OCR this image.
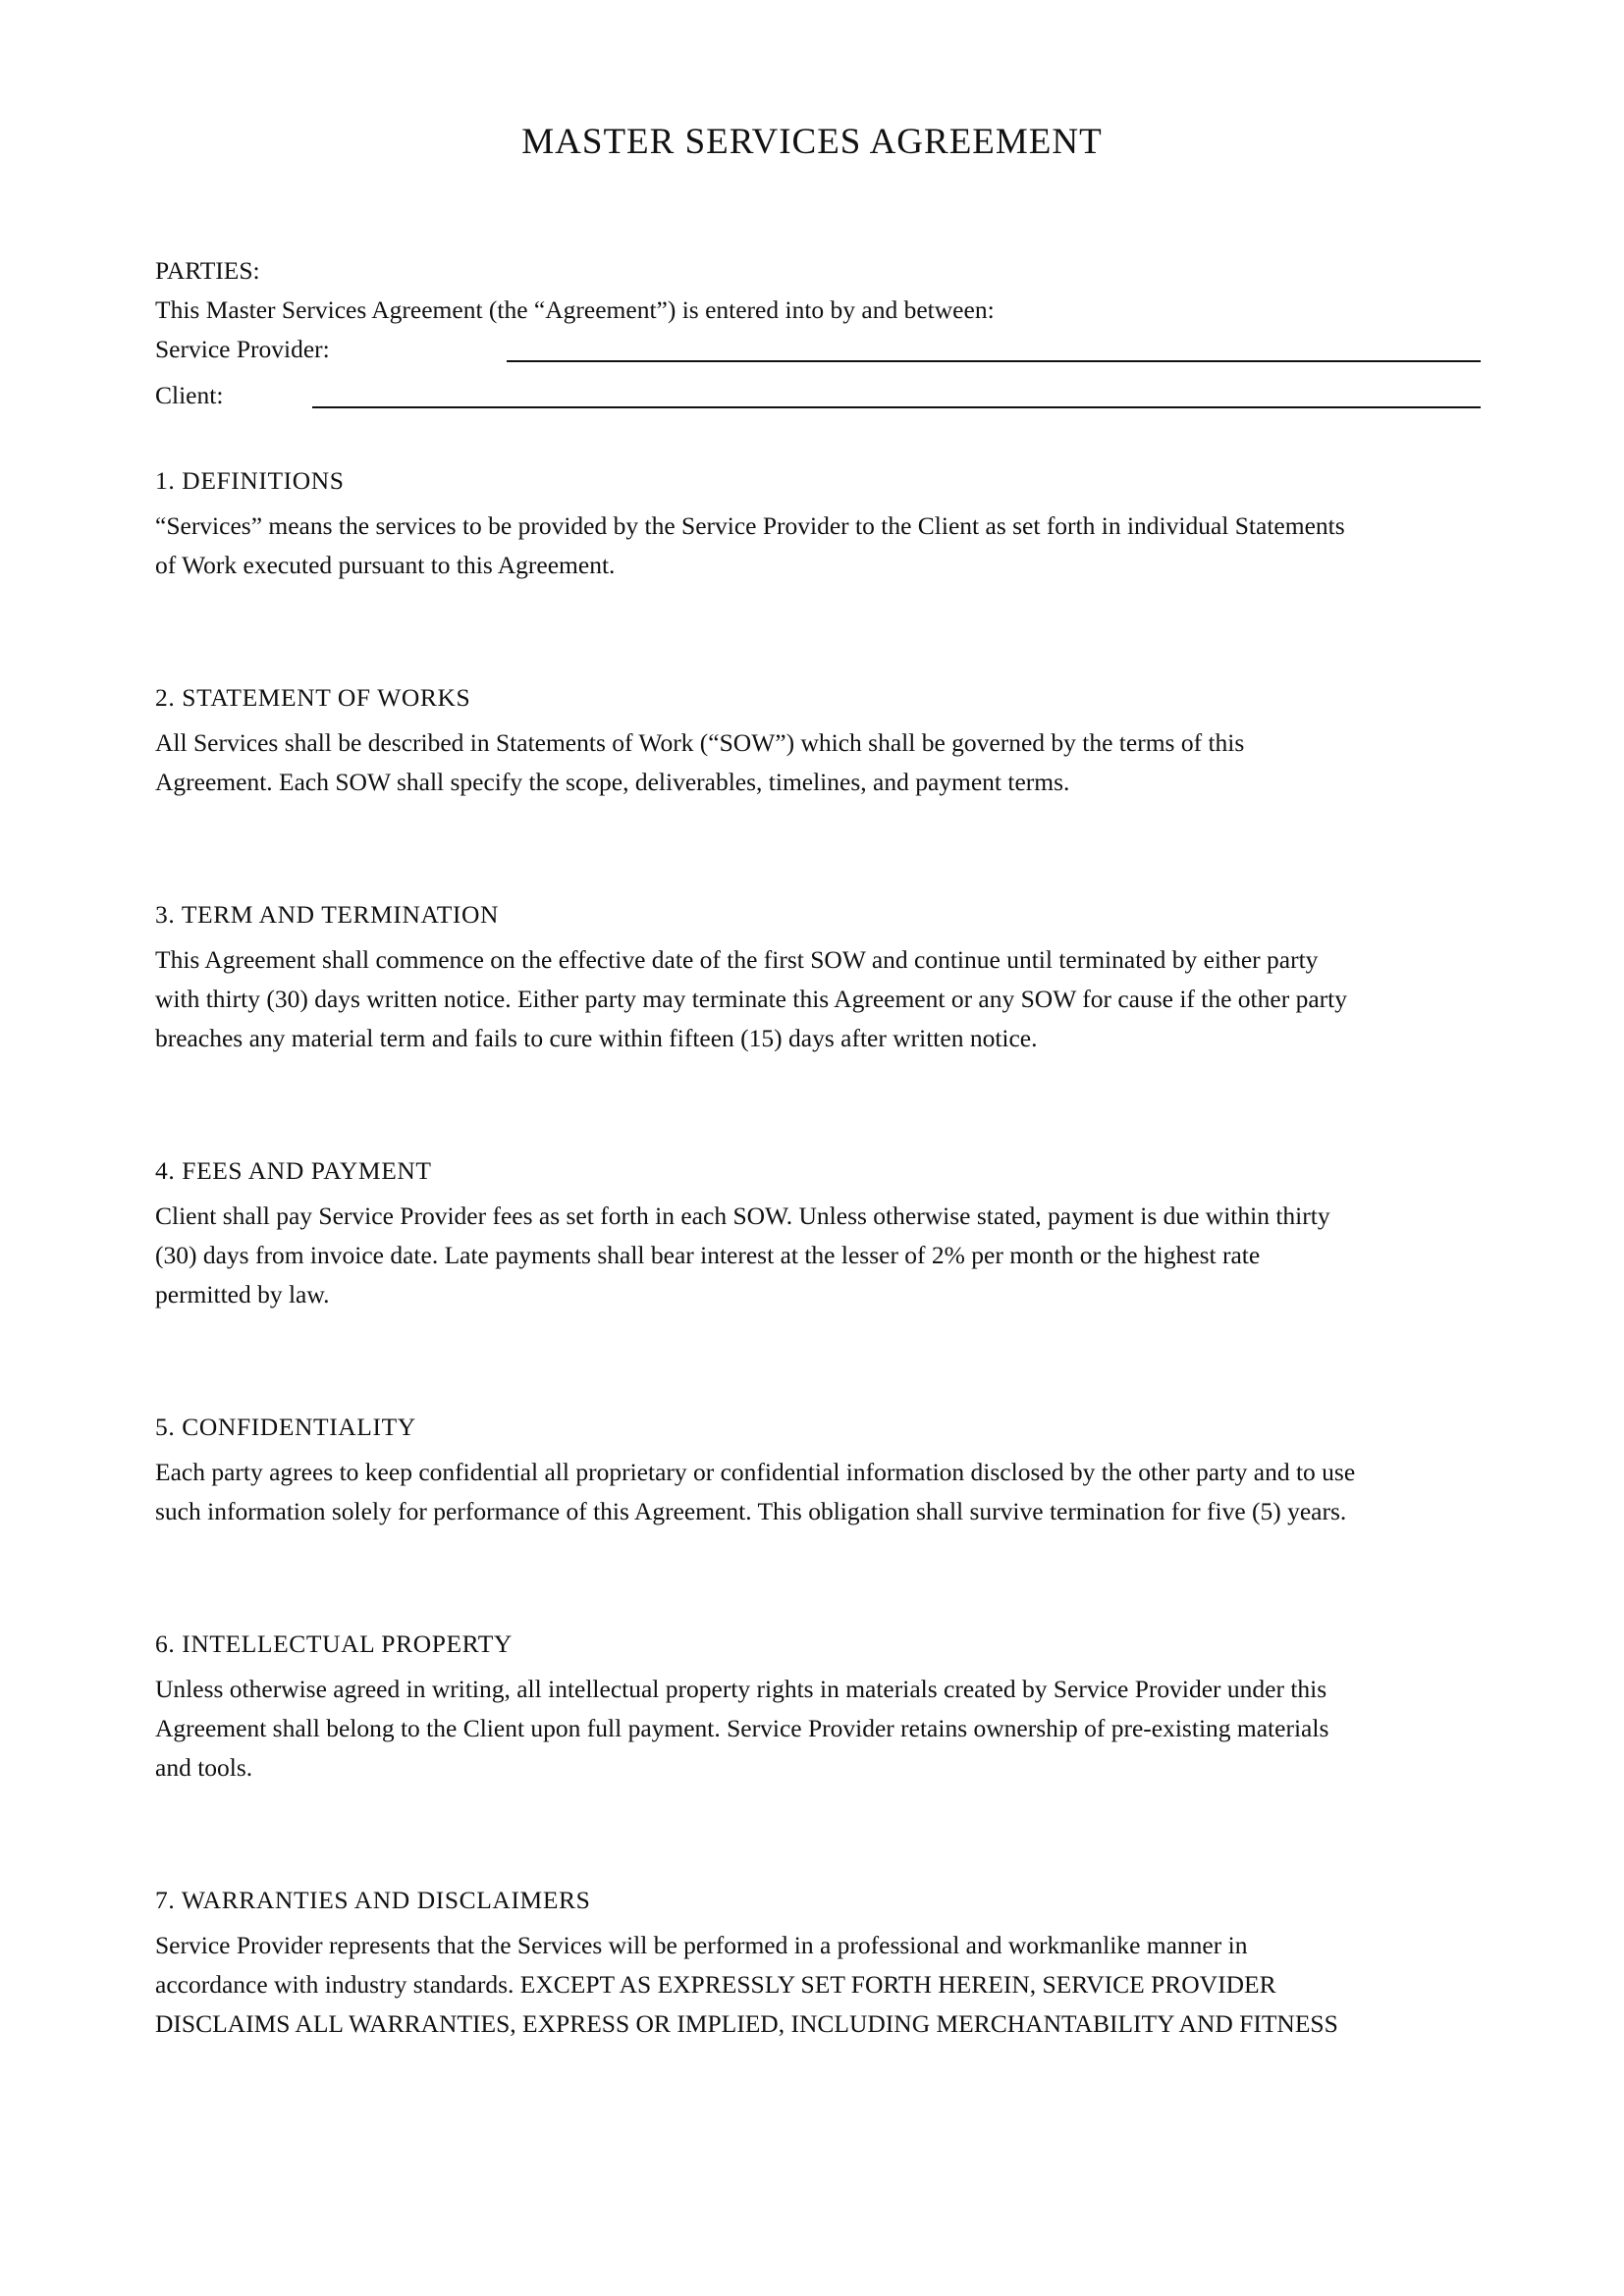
MASTER SERVICES AGREEMENT

PARTIES:

This Master Services Agreement (the “Agreement”) is entered into by and between:

Service Provider:
Client:
1. DEFINITIONS

“Services” means the services to be provided by the Service Provider to the Client as set forth in individual Statements
of Work executed pursuant to this Agreement.

2. STATEMENT OF WORKS

All Services shall be described in Statements of Work (“SOW”) which shall be governed by the terms of this
Agreement. Each SOW shall specify the scope, deliverables, timelines, and payment terms.

3. TERM AND TERMINATION

This Agreement shall commence on the effective date of the first SOW and continue until terminated by either party
with thirty (30) days written notice. Either party may terminate this Agreement or any SOW for cause if the other party
breaches any material term and fails to cure within fifteen (15) days after written notice.

4. FEES AND PAYMENT

Client shall pay Service Provider fees as set forth in each SOW. Unless otherwise stated, payment is due within thirty
(30) days from invoice date. Late payments shall bear interest at the lesser of 2% per month or the highest rate
permitted by law.

5. CONFIDENTIALITY

Each party agrees to keep confidential all proprietary or confidential information disclosed by the other party and to use
such information solely for performance of this Agreement. This obligation shall survive termination for five (5) years.

6. INTELLECTUAL PROPERTY

Unless otherwise agreed in writing, all intellectual property rights in materials created by Service Provider under this
Agreement shall belong to the Client upon full payment. Service Provider retains ownership of pre-existing materials
and tools.

7. WARRANTIES AND DISCLAIMERS

Service Provider represents that the Services will be performed in a professional and workmanlike manner in
accordance with industry standards. EXCEPT AS EXPRESSLY SET FORTH HEREIN, SERVICE PROVIDER
DISCLAIMS ALL WARRANTIES, EXPRESS OR IMPLIED, INCLUDING MERCHANTABILITY AND FITNESS
